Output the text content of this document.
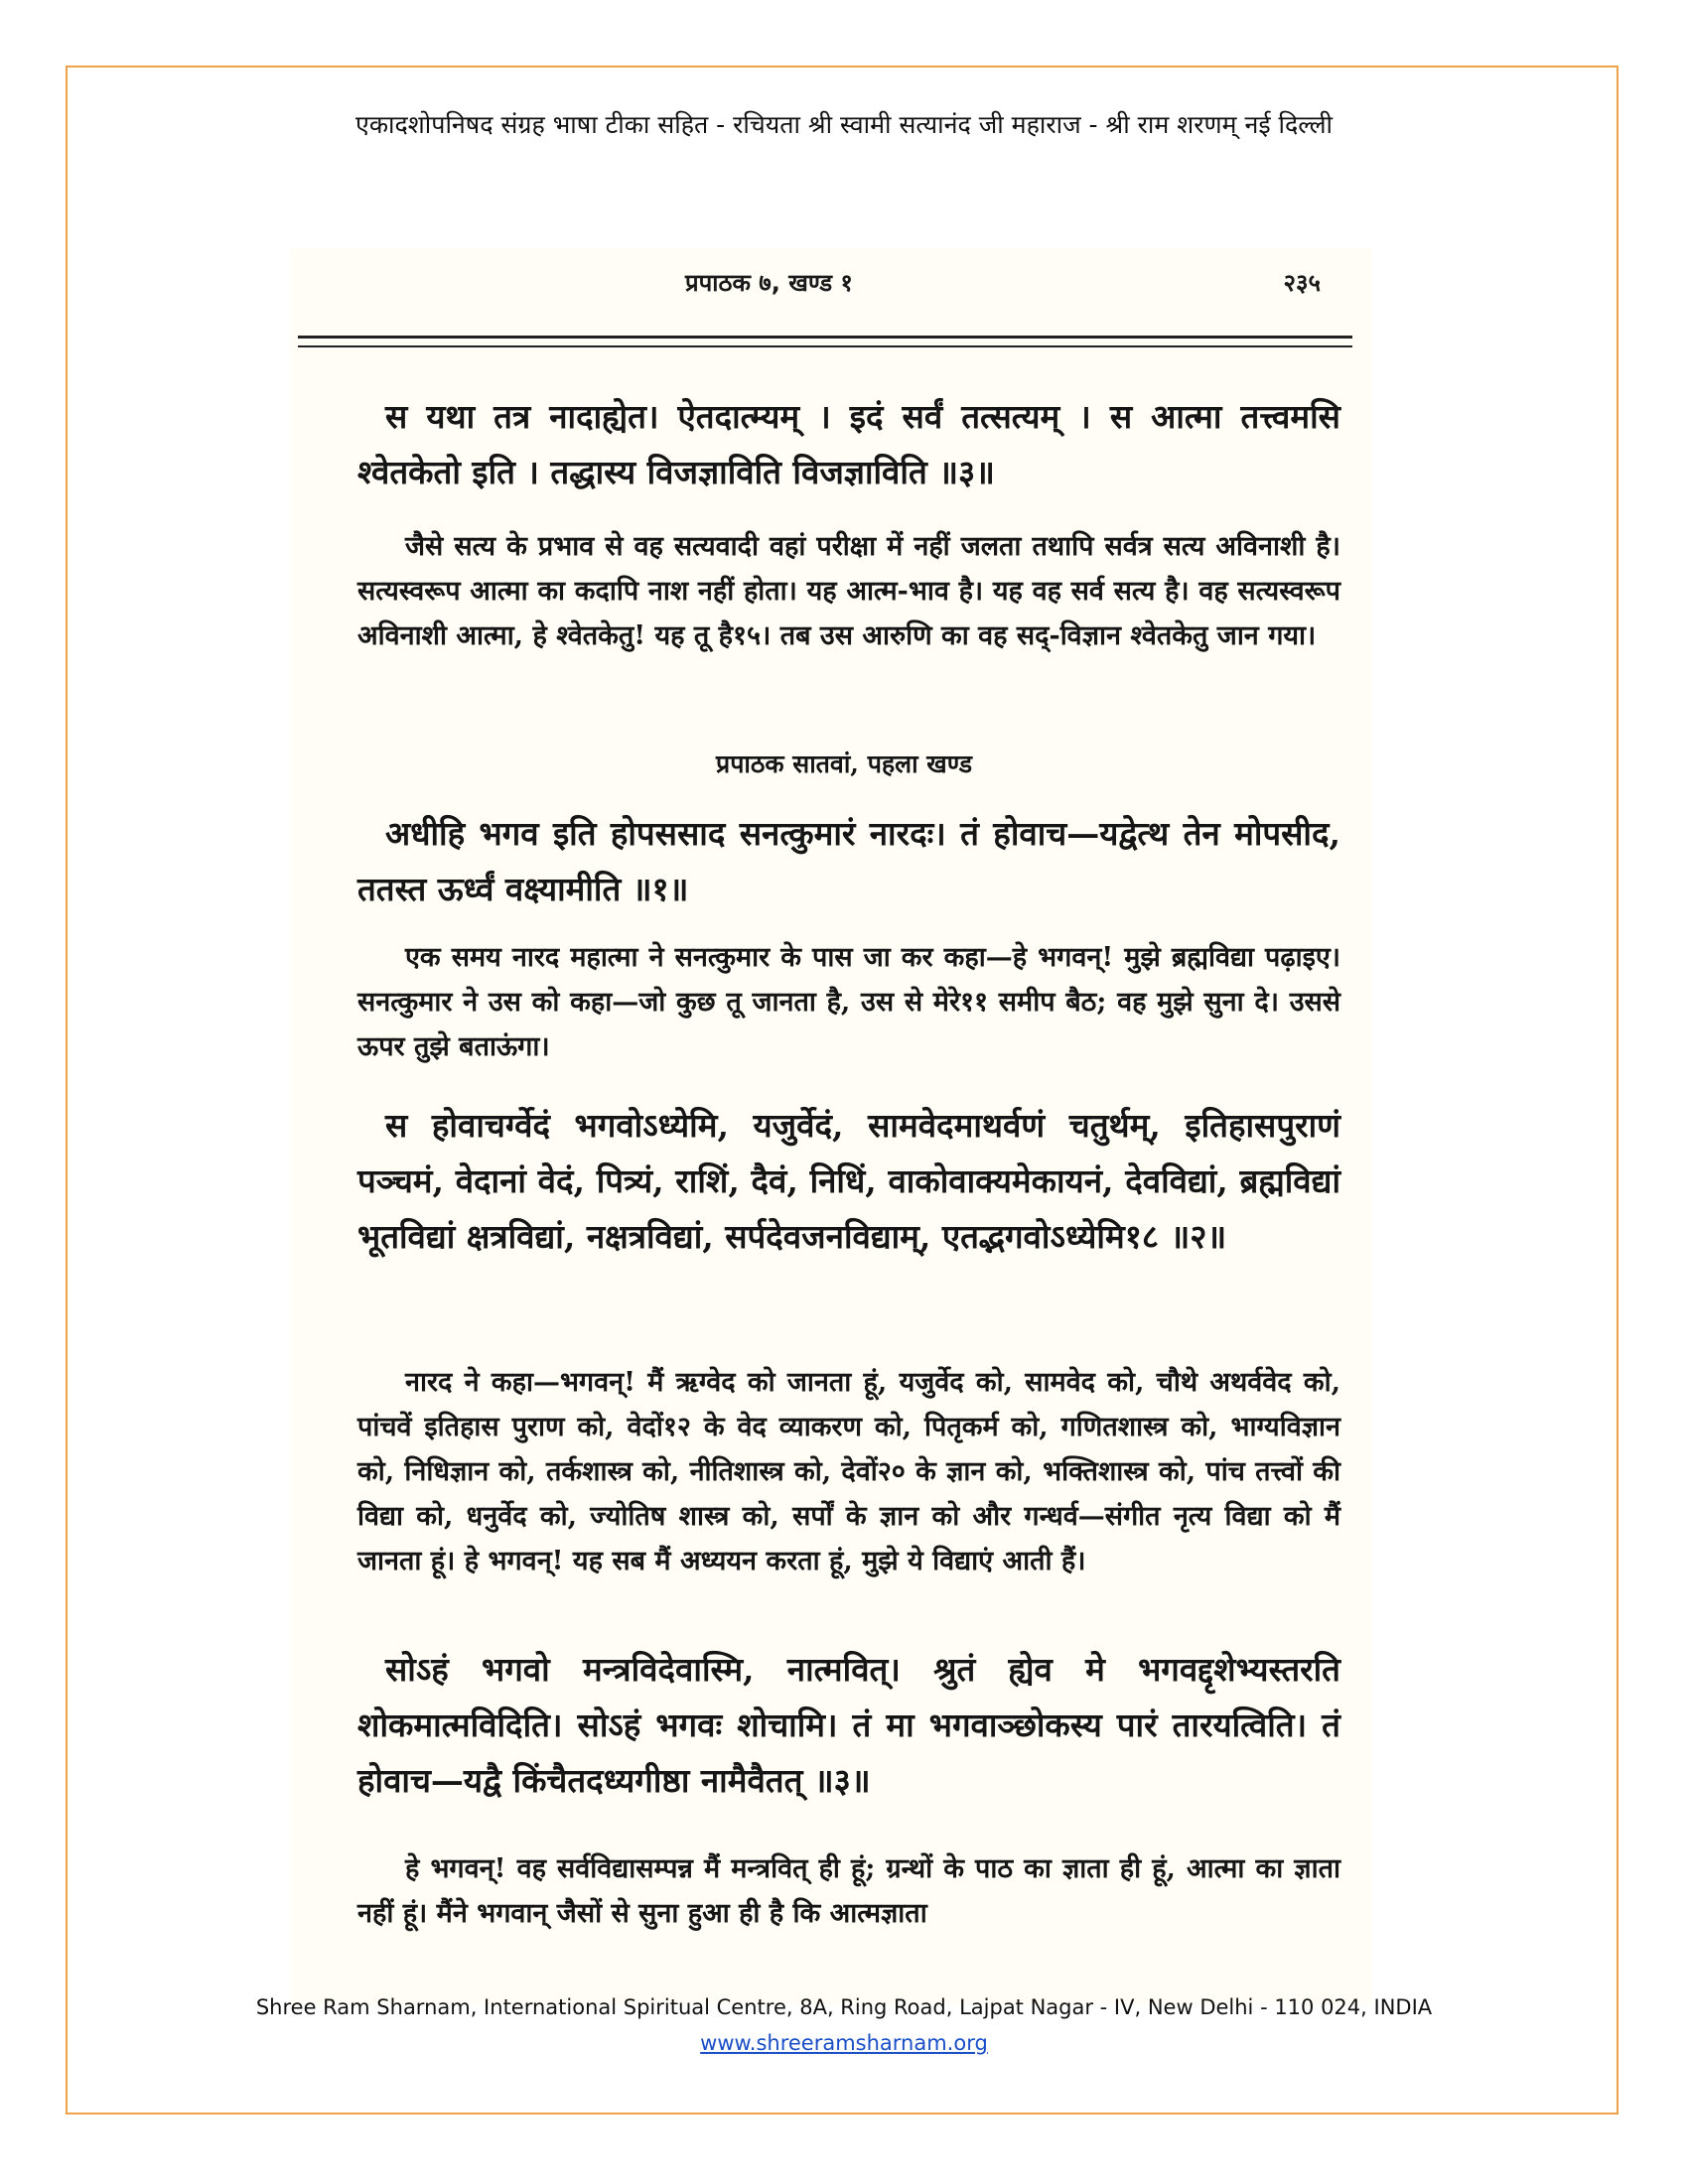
एकादशोपनिषद संग्रह भाषा टीका सहित - रचियता श्री स्वामी सत्यानंद जी महाराज - श्री राम शरणम् नई दिल्ली
प्रपाठक ७, खण्ड १	२३५
स यथा तत्र नादाह्येत। ऐतदात्म्यम् । इदं सर्वं तत्सत्यम् । स आत्मा तत्त्वमसि श्वेतकेतो इति । तद्धास्य विजज्ञाविति विजज्ञाविति ॥३॥
जैसे सत्य के प्रभाव से वह सत्यवादी वहां परीक्षा में नहीं जलता तथापि सर्वत्र सत्य अविनाशी है। सत्यस्वरूप आत्मा का कदापि नाश नहीं होता। यह आत्म-भाव है। यह वह सर्व सत्य है। वह सत्यस्वरूप अविनाशी आत्मा, हे श्वेतकेतु! यह तू है१५। तब उस आरुणि का वह सद्-विज्ञान श्वेतकेतु जान गया।
प्रपाठक सातवां, पहला खण्ड
अधीहि भगव इति होपससाद सनत्कुमारं नारदः। तं होवाच—यद्वेत्थ तेन मोपसीद, ततस्त ऊर्ध्वं वक्ष्यामीति ॥१॥
एक समय नारद महात्मा ने सनत्कुमार के पास जा कर कहा—हे भगवन्! मुझे ब्रह्मविद्या पढ़ाइए। सनत्कुमार ने उस को कहा—जो कुछ तू जानता है, उस से मेरे११ समीप बैठ; वह मुझे सुना दे। उससे ऊपर तुझे बताऊंगा।
स होवाचर्ग्वेदं भगवोऽध्येमि, यजुर्वेदं, सामवेदमाथर्वणं चतुर्थम्, इतिहासपुराणं पञ्चमं, वेदानां वेदं, पित्र्यं, राशिं, दैवं, निधिं, वाकोवाक्यमेकायनं, देवविद्यां, ब्रह्मविद्यां भूतविद्यां क्षत्रविद्यां, नक्षत्रविद्यां, सर्पदेवजनविद्याम्, एतद्भगवोऽध्येमि१८ ॥२॥
नारद ने कहा—भगवन्! मैं ऋग्वेद को जानता हूं, यजुर्वेद को, सामवेद को, चौथे अथर्ववेद को, पांचवें इतिहास पुराण को, वेदों१२ के वेद व्याकरण को, पितृकर्म को, गणितशास्त्र को, भाग्यविज्ञान को, निधिज्ञान को, तर्कशास्त्र को, नीतिशास्त्र को, देवों२० के ज्ञान को, भक्तिशास्त्र को, पांच तत्त्वों की विद्या को, धनुर्वेद को, ज्योतिष शास्त्र को, सर्पों के ज्ञान को और गन्धर्व—संगीत नृत्य विद्या को मैं जानता हूं। हे भगवन्! यह सब मैं अध्ययन करता हूं, मुझे ये विद्याएं आती हैं।
सोऽहं भगवो मन्त्रविदेवास्मि, नात्मवित्। श्रुतं ह्येव मे भगवद्दृशेभ्यस्तरति शोकमात्मविदिति। सोऽहं भगवः शोचामि। तं मा भगवाञ्छोकस्य पारं तारयत्विति। तं होवाच—यद्वै किंचैतदध्यगीष्ठा नामैवैतत् ॥३॥
हे भगवन्! वह सर्वविद्यासम्पन्न मैं मन्त्रवित् ही हूं; ग्रन्थों के पाठ का ज्ञाता ही हूं, आत्मा का ज्ञाता नहीं हूं। मैंने भगवान् जैसों से सुना हुआ ही है कि आत्मज्ञाता
Shree Ram Sharnam, International Spiritual Centre, 8A, Ring Road, Lajpat Nagar - IV, New Delhi - 110 024, INDIA
www.shreeramsharnam.org
